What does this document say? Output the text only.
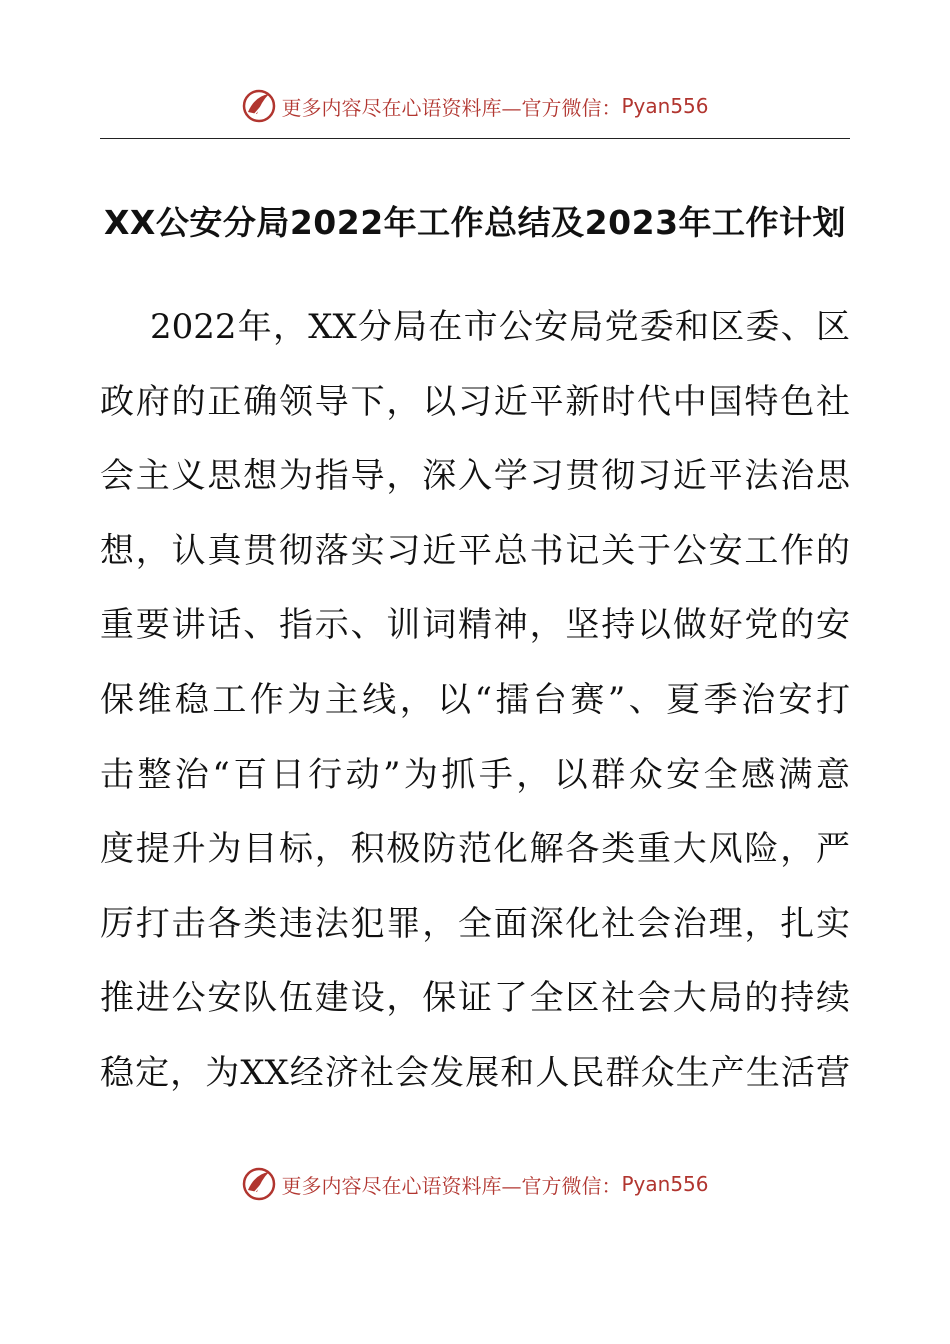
更多内容尽在心语资料库—官方微信： Pyan556
XX公安分局2022年工作总结及2023年工作计划
2022年，XX分局在市公安局党委和区委、区
政府的正确领导下，以习近平新时代中国特色社
会主义思想为指导，深入学习贯彻习近平法治思
想，认真贯彻落实习近平总书记关于公安工作的
重要讲话、指示、训词精神，坚持以做好党的安
保维稳工作为主线，以“擂台赛”、夏季治安打
击整治“百日行动”为抓手，以群众安全感满意
度提升为目标，积极防范化解各类重大风险，严
厉打击各类违法犯罪，全面深化社会治理，扎实
推进公安队伍建设，保证了全区社会大局的持续
稳定，为XX经济社会发展和人民群众生产生活营
更多内容尽在心语资料库—官方微信： Pyan556
